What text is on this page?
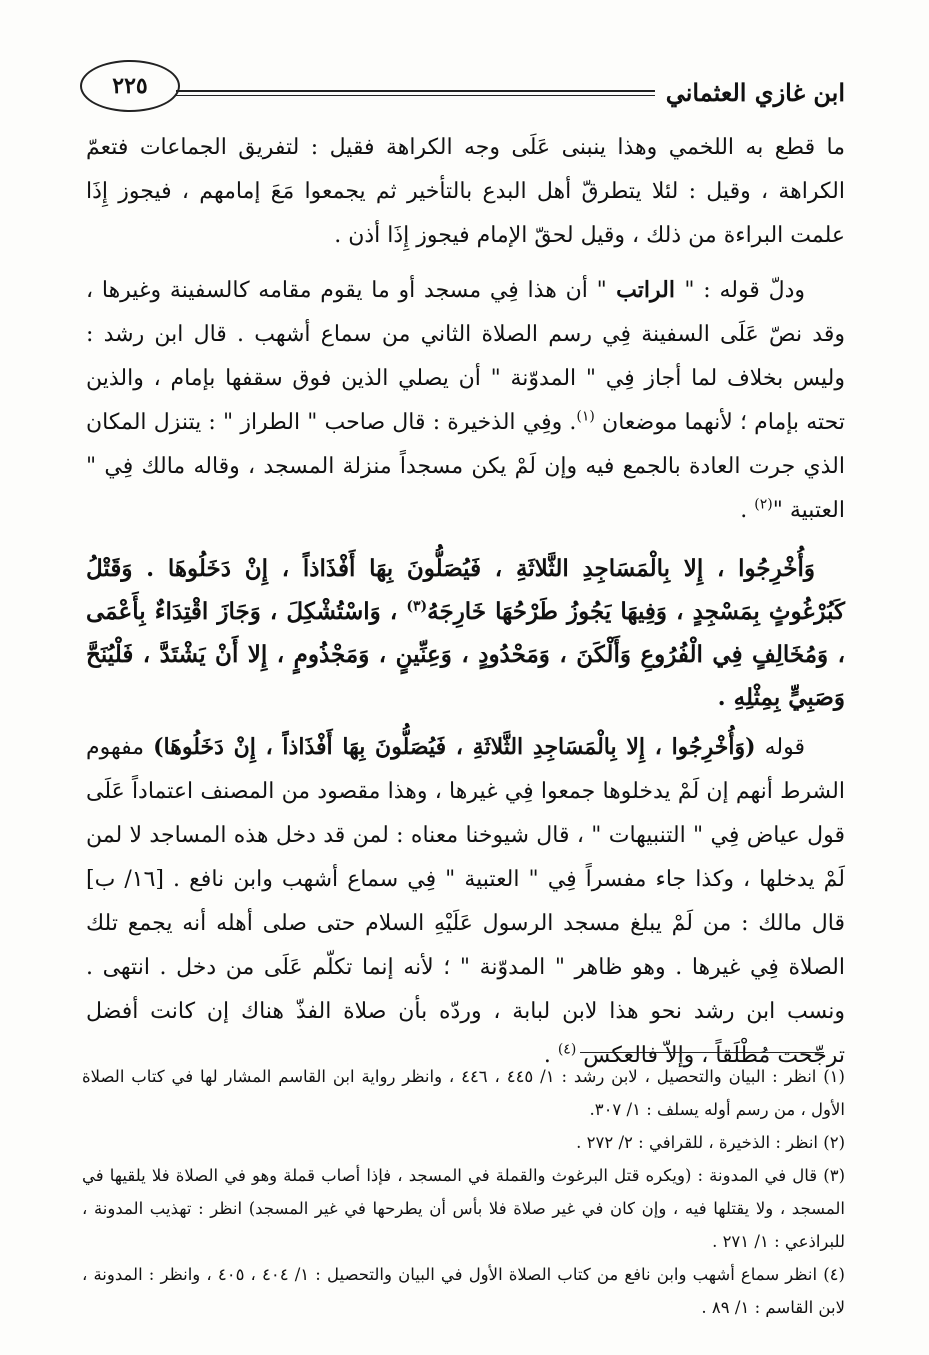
٢٢٥	ابن غازي العثماني

ما قطع به اللخمي وهذا ينبنى عَلَى وجه الكراهة فقيل : لتفريق الجماعات فتعمّ الكراهة ، وقيل : لئلا يتطرقّ أهل البدع بالتأخير ثم يجمعوا مَعَ إمامهم ، فيجوز إِذَا علمت البراءة من ذلك ، وقيل لحقّ الإمام فيجوز إِذَا أذن .

ودلّ قوله : " الراتب " أن هذا فِي مسجد أو ما يقوم مقامه كالسفينة وغيرها ، وقد نصّ عَلَى السفينة فِي رسم الصلاة الثاني من سماع أشهب . قال ابن رشد : وليس بخلاف لما أجاز فِي " المدوّنة " أن يصلي الذين فوق سقفها بإمام ، والذين تحته بإمام ؛ لأنهما موضعان $^{(١)}$. وفِي الذخيرة : قال صاحب " الطراز " : يتنزل المكان الذي جرت العادة بالجمع فيه وإن لَمْ يكن مسجداً منزلة المسجد ، وقاله مالك فِي " العتبية "$^{(٢)}$ .

وَأُخْرِجُوا ، إِلا بِالْمَسَاجِدِ الثَّلاثَةِ ، فَيُصَلُّونَ بِهَا أَفْذَاذاً ، إِنْ دَخَلُوهَا . وَقَتْلُ كَبُرْغُوثٍ بِمَسْجِدٍ ، وَفِيهَا يَجُوزُ طَرْحُهَا خَارِجَهُ$^{(٣)}$ ، وَاسْتُشْكِلَ ، وَجَازَ اقْتِدَاءٌ بِأَعْمَى ، وَمُخَالِفٍ فِي الْفُرُوعِ وَأَلْكَنَ ، وَمَحْدُودٍ ، وَعِنِّينٍ ، وَمَجْذُومٍ ، إِلا أَنْ يَشْتَدَّ ، فَلْيُنَحَّ وَصَبِيٍّ بِمِثْلِهِ .

قوله (وَأُخْرِجُوا ، إِلا بِالْمَسَاجِدِ الثَّلاثَةِ ، فَيُصَلُّونَ بِهَا أَفْذَاذاً ، إِنْ دَخَلُوهَا) مفهوم الشرط أنهم إن لَمْ يدخلوها جمعوا فِي غيرها ، وهذا مقصود من المصنف اعتماداً عَلَى قول عياض فِي " التنبيهات " ، قال شيوخنا معناه : لمن قد دخل هذه المساجد لا لمن لَمْ يدخلها ، وكذا جاء مفسراً فِي " العتبية " فِي سماع أشهب وابن نافع . [١٦/ ب] قال مالك : من لَمْ يبلغ مسجد الرسول عَلَيْهِ السلام حتى صلى أهله أنه يجمع تلك الصلاة فِي غيرها . وهو ظاهر " المدوّنة " ؛ لأنه إنما تكلّم عَلَى من دخل . انتهى . ونسب ابن رشد نحو هذا لابن لبابة ، وردّه بأن صلاة الفذّ هناك إن كانت أفضل ترجّحت مُطْلَقاً ، وإلاّ فالعكس $^{(٤)}$ .

(١) انظر : البيان والتحصيل ، لابن رشد : ١/ ٤٤٥ ، ٤٤٦ ، وانظر رواية ابن القاسم المشار لها في كتاب الصلاة الأول ، من رسم أوله يسلف : ١/ ٣٠٧.

(٢) انظر : الذخيرة ، للقرافي : ٢/ ٢٧٢ .

(٣) قال في المدونة : (ويكره قتل البرغوث والقملة في المسجد ، فإذا أصاب قملة وهو في الصلاة فلا يلقيها في المسجد ، ولا يقتلها فيه ، وإن كان في غير صلاة فلا بأس أن يطرحها في غير المسجد) انظر : تهذيب المدونة ، للبراذعي : ١/ ٢٧١ .

(٤) انظر سماع أشهب وابن نافع من كتاب الصلاة الأول في البيان والتحصيل : ١/ ٤٠٤ ، ٤٠٥ ، وانظر : المدونة ، لابن القاسم : ١/ ٨٩ .
